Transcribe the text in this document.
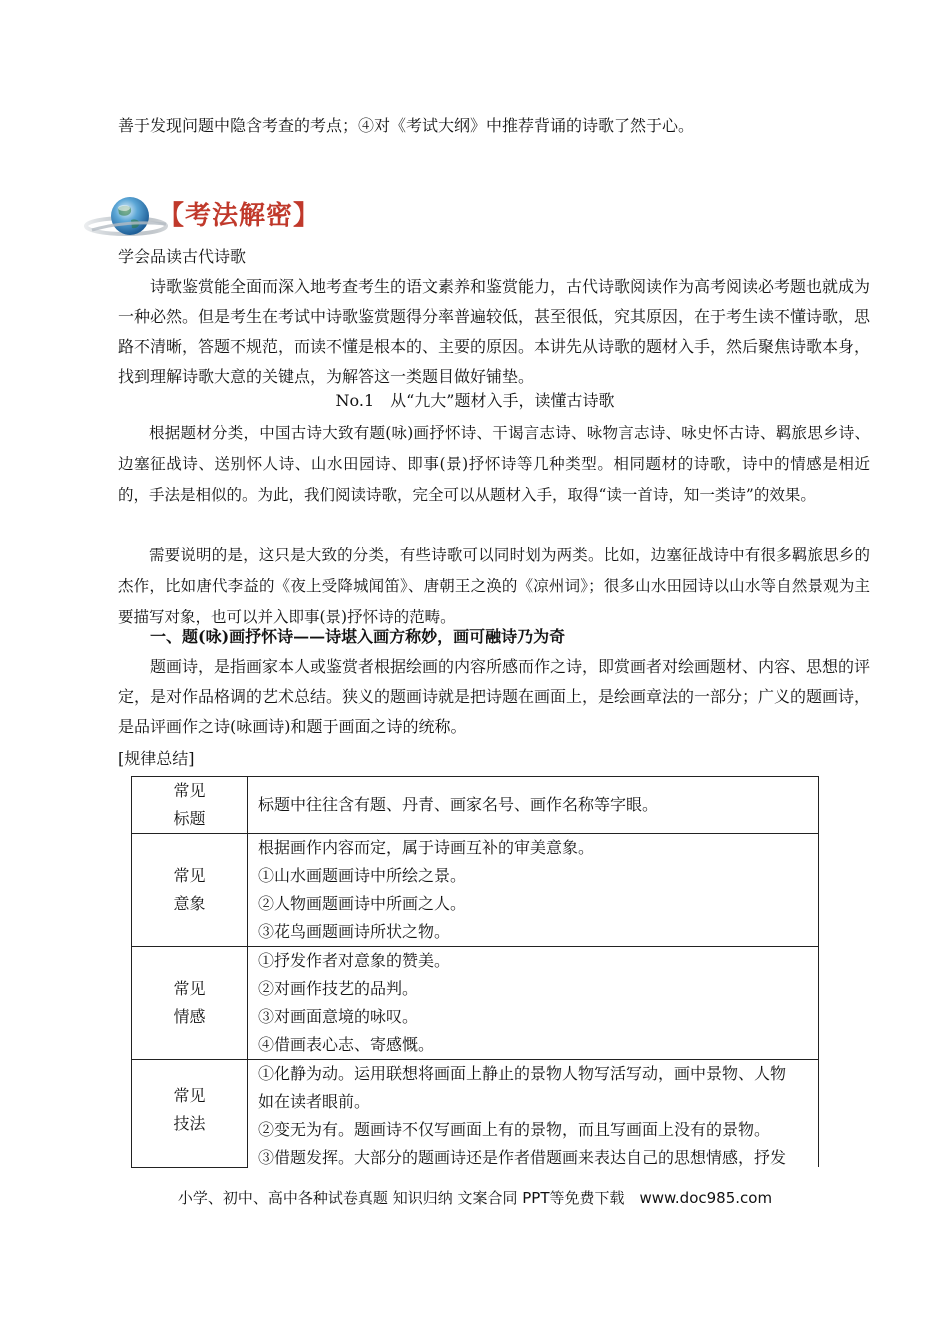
善于发现问题中隐含考查的考点；④对《考试大纲》中推荐背诵的诗歌了然于心。
【考法解密】
学会品读古代诗歌
诗歌鉴赏能全面而深入地考查考生的语文素养和鉴赏能力，古代诗歌阅读作为高考阅读必考题也就成为一种必然。但是考生在考试中诗歌鉴赏题得分率普遍较低，甚至很低，究其原因，在于考生读不懂诗歌，思路不清晰，答题不规范，而读不懂是根本的、主要的原因。本讲先从诗歌的题材入手，然后聚焦诗歌本身，找到理解诗歌大意的关键点，为解答这一类题目做好铺垫。
No.1　从“九大”题材入手，读懂古诗歌
根据题材分类，中国古诗大致有题(咏)画抒怀诗、干谒言志诗、咏物言志诗、咏史怀古诗、羁旅思乡诗、边塞征战诗、送别怀人诗、山水田园诗、即事(景)抒怀诗等几种类型。相同题材的诗歌，诗中的情感是相近的，手法是相似的。为此，我们阅读诗歌，完全可以从题材入手，取得“读一首诗，知一类诗”的效果。
需要说明的是，这只是大致的分类，有些诗歌可以同时划为两类。比如，边塞征战诗中有很多羁旅思乡的杰作，比如唐代李益的《夜上受降城闻笛》、唐朝王之涣的《凉州词》；很多山水田园诗以山水等自然景观为主要描写对象，也可以并入即事(景)抒怀诗的范畴。
一、题(咏)画抒怀诗——诗堪入画方称妙，画可融诗乃为奇
题画诗，是指画家本人或鉴赏者根据绘画的内容所感而作之诗，即赏画者对绘画题材、内容、思想的评定，是对作品格调的艺术总结。狭义的题画诗就是把诗题在画面上，是绘画章法的一部分；广义的题画诗，是品评画作之诗(咏画诗)和题于画面之诗的统称。
[规律总结]
常见
标题	标题中往往含有题、丹青、画家名号、画作名称等字眼。

常见
意象	根据画作内容而定，属于诗画互补的审美意象。
①山水画题画诗中所绘之景。
②人物画题画诗中所画之人。
③花鸟画题画诗所状之物。

常见
情感	①抒发作者对意象的赞美。
②对画作技艺的品判。
③对画面意境的咏叹。
④借画表心志、寄感慨。

常见
技法	①化静为动。运用联想将画面上静止的景物人物写活写动，画中景物、人物
如在读者眼前。
②变无为有。题画诗不仅写画面上有的景物，而且写画面上没有的景物。
③借题发挥。大部分的题画诗还是作者借题画来表达自己的思想情感，抒发
小学、初中、高中各种试卷真题 知识归纳 文案合同 PPT等免费下载　www.doc985.com
